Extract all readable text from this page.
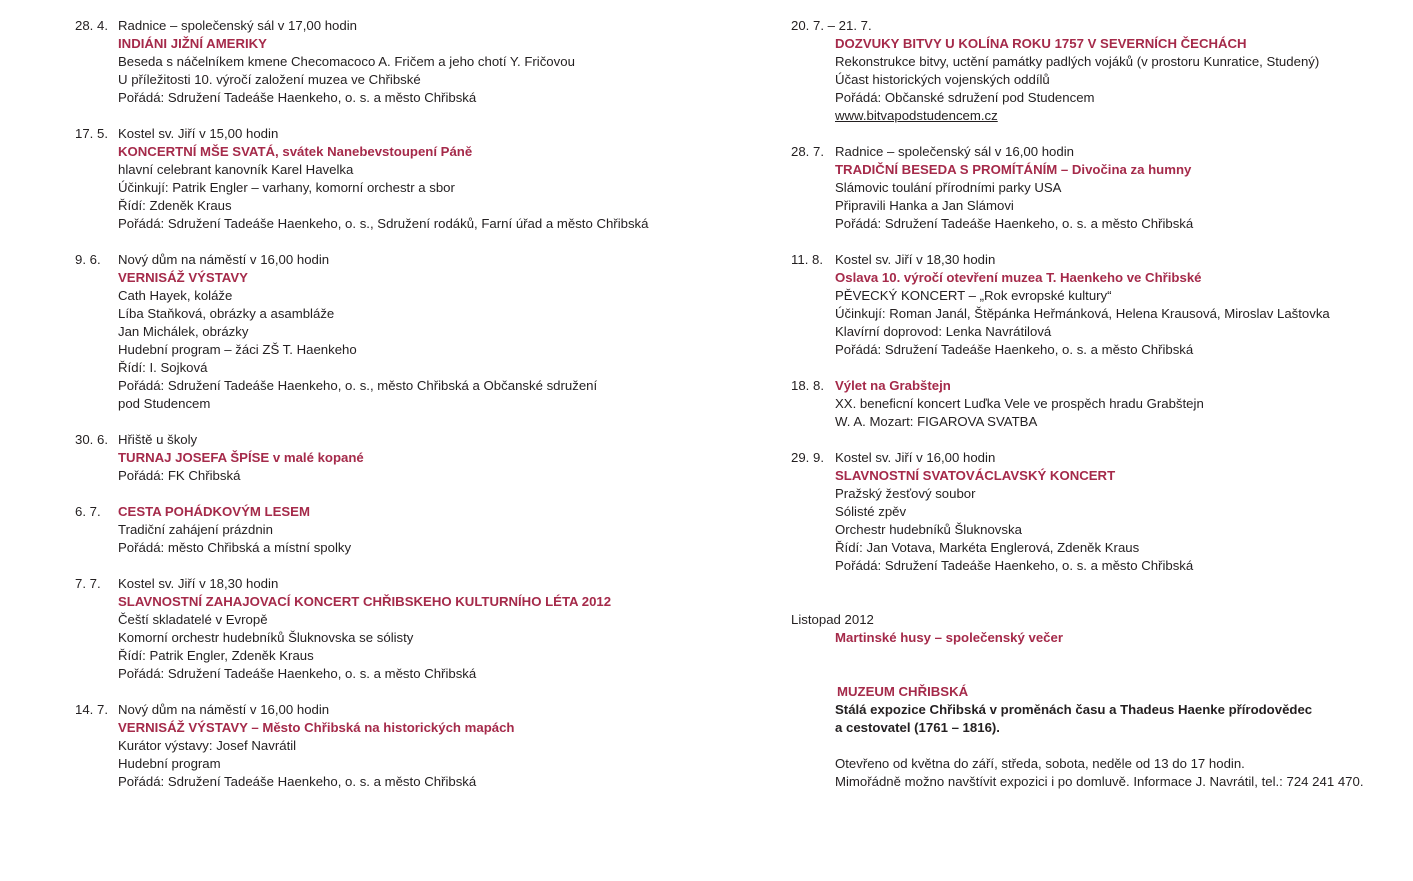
28. 4. Radnice – společenský sál v 17,00 hodin
INDIÁNI JIŽNÍ AMERIKY
Beseda s náčelníkem kmene Checomacoco A. Fričem a jeho chotí Y. Fričovou
U příležitosti 10. výročí založení muzea ve Chřibské
Pořádá: Sdružení Tadeáše Haenkeho, o. s. a město Chřibská
17. 5. Kostel sv. Jiří v 15,00 hodin
KONCERTNÍ MŠE SVATÁ, svátek Nanebevstoupení Páně
hlavní celebrant kanovník Karel Havelka
Účinkují: Patrik Engler – varhany, komorní orchestr a sbor
Řídí: Zdeněk Kraus
Pořádá: Sdružení Tadeáše Haenkeho, o. s., Sdružení rodáků, Farní úřad a město Chřibská
9. 6.	Nový dům na náměstí v 16,00 hodin
VERNISÁŽ VÝSTAVY
Cath Hayek, koláže
Líba Staňková, obrázky a asambláže
Jan Michálek, obrázky
Hudební program – žáci ZŠ T. Haenkeho
Řídí: I. Sojková
Pořádá: Sdružení Tadeáše Haenkeho, o. s., město Chřibská a Občanské sdružení
pod Studencem
30. 6. Hřiště u školy
TURNAJ JOSEFA ŠPÍSE v malé kopané
Pořádá: FK Chřibská
6. 7.	CESTA POHÁDKOVÝM LESEM
Tradiční zahájení prázdnin
Pořádá: město Chřibská a místní spolky
7. 7.	Kostel sv. Jiří v 18,30 hodin
SLAVNOSTNÍ ZAHAJOVACÍ KONCERT CHŘIBSKEHO KULTURNÍHO LÉTA 2012
Čeští skladatelé v Evropě
Komorní orchestr hudebníků Šluknovska se sólisty
Řídí: Patrik Engler, Zdeněk Kraus
Pořádá: Sdružení Tadeáše Haenkeho, o. s. a město Chřibská
14. 7. Nový dům na náměstí v 16,00 hodin
VERNISÁŽ VÝSTAVY – Město Chřibská na historických mapách
Kurátor výstavy: Josef Navrátil
Hudební program
Pořádá: Sdružení Tadeáše Haenkeho, o. s. a město Chřibská
20. 7. – 21. 7.
DOZVUKY BITVY U KOLÍNA ROKU 1757 V SEVERNÍCH ČECHÁCH
Rekonstrukce bitvy, uctění památky padlých vojáků (v prostoru Kunratice, Studený)
Účast historických vojenských oddílů
Pořádá: Občanské sdružení pod Studencem
www.bitvapodstudencem.cz
28. 7. Radnice – společenský sál v 16,00 hodin
TRADIČNÍ BESEDA S PROMÍTÁNÍM – Divočina za humny
Slámovic toulání přírodními parky USA
Připravili Hanka a Jan Slámovi
Pořádá: Sdružení Tadeáše Haenkeho, o. s. a město Chřibská
11. 8. Kostel sv. Jiří v 18,30 hodin
Oslava 10. výročí otevření muzea T. Haenkeho ve Chřibské
PĚVECKÝ KONCERT – „Rok evropské kultury“
Účinkují: Roman Janál, Štěpánka Heřmánková, Helena Krausová, Miroslav Laštovka
Klavírní doprovod: Lenka Navrátilová
Pořádá: Sdružení Tadeáše Haenkeho, o. s. a město Chřibská
18. 8. Výlet na Grabštejn
XX. beneficní koncert Luďka Vele ve prospěch hradu Grabštejn
W. A. Mozart: FIGAROVA SVATBA
29. 9. Kostel sv. Jiří v 16,00 hodin
SLAVNOSTNÍ SVATOVÁCLAVSKÝ KONCERT
Pražský žesťový soubor
Sólisté zpěv
Orchestr hudebníků Šluknovska
Řídí: Jan Votava, Markéta Englerová, Zdeněk Kraus
Pořádá: Sdružení Tadeáše Haenkeho, o. s. a město Chřibská
Listopad 2012
Martinské husy – společenský večer
MUZEUM CHŘIBSKÁ
Stálá expozice Chřibská v proměnách času a Thadeus Haenke přírodovědec
a cestovatel (1761 – 1816).
Otevřeno od května do září, středa, sobota, neděle od 13 do 17 hodin.
Mimořádně možno navštívit expozici i po domluvě. Informace J. Navrátil, tel.: 724 241 470.
